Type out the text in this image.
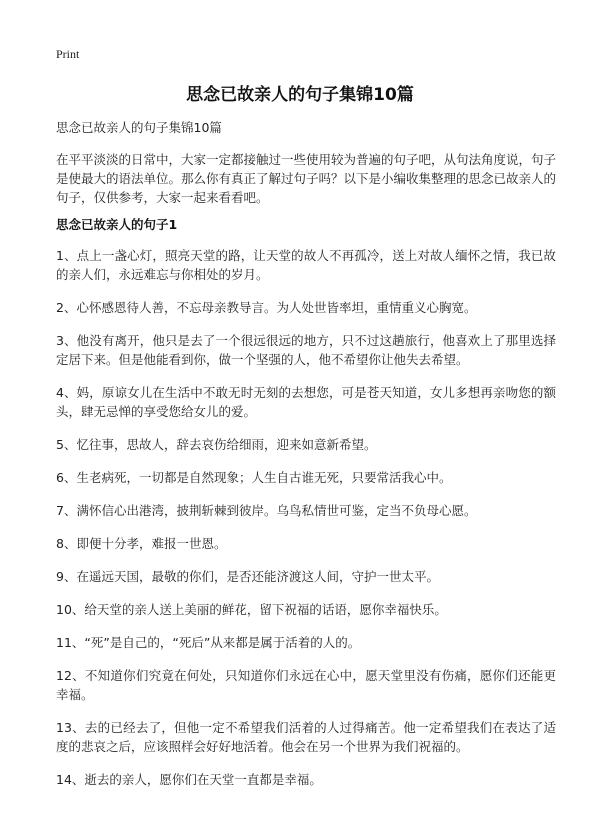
Print
思念已故亲人的句子集锦10篇
思念已故亲人的句子集锦10篇
在平平淡淡的日常中，大家一定都接触过一些使用较为普遍的句子吧，从句法角度说，句子是使最大的语法单位。那么你有真正了解过句子吗？以下是小编收集整理的思念已故亲人的句子，仅供参考，大家一起来看看吧。
思念已故亲人的句子1
1、点上一盏心灯，照亮天堂的路，让天堂的故人不再孤冷，送上对故人缅怀之情，我已故的亲人们，永远难忘与你相处的岁月。
2、心怀感恩待人善，不忘母亲教导言。为人处世皆率坦，重情重义心胸宽。
3、他没有离开，他只是去了一个很远很远的地方，只不过这趟旅行，他喜欢上了那里选择定居下来。但是他能看到你，做一个坚强的人，他不希望你让他失去希望。
4、妈，原谅女儿在生活中不敢无时无刻的去想您，可是苍天知道，女儿多想再亲吻您的额头，肆无忌惮的享受您给女儿的爱。
5、忆往事，思故人，辞去哀伤给细雨，迎来如意新希望。
6、生老病死，一切都是自然现象；人生自古谁无死，只要常活我心中。
7、满怀信心出港湾，披荆斩棘到彼岸。乌鸟私情世可鉴，定当不负母心愿。
8、即便十分孝，难报一世恩。
9、在遥远天国，最敬的你们，是否还能济渡这人间，守护一世太平。
10、给天堂的亲人送上美丽的鲜花，留下祝福的话语，愿你幸福快乐。
11、“死”是自己的，“死后”从来都是属于活着的人的。
12、不知道你们究竟在何处，只知道你们永远在心中，愿天堂里没有伤痛，愿你们还能更幸福。
13、去的已经去了，但他一定不希望我们活着的人过得痛苦。他一定希望我们在表达了适度的悲哀之后，应该照样会好好地活着。他会在另一个世界为我们祝福的。
14、逝去的亲人，愿你们在天堂一直都是幸福。
